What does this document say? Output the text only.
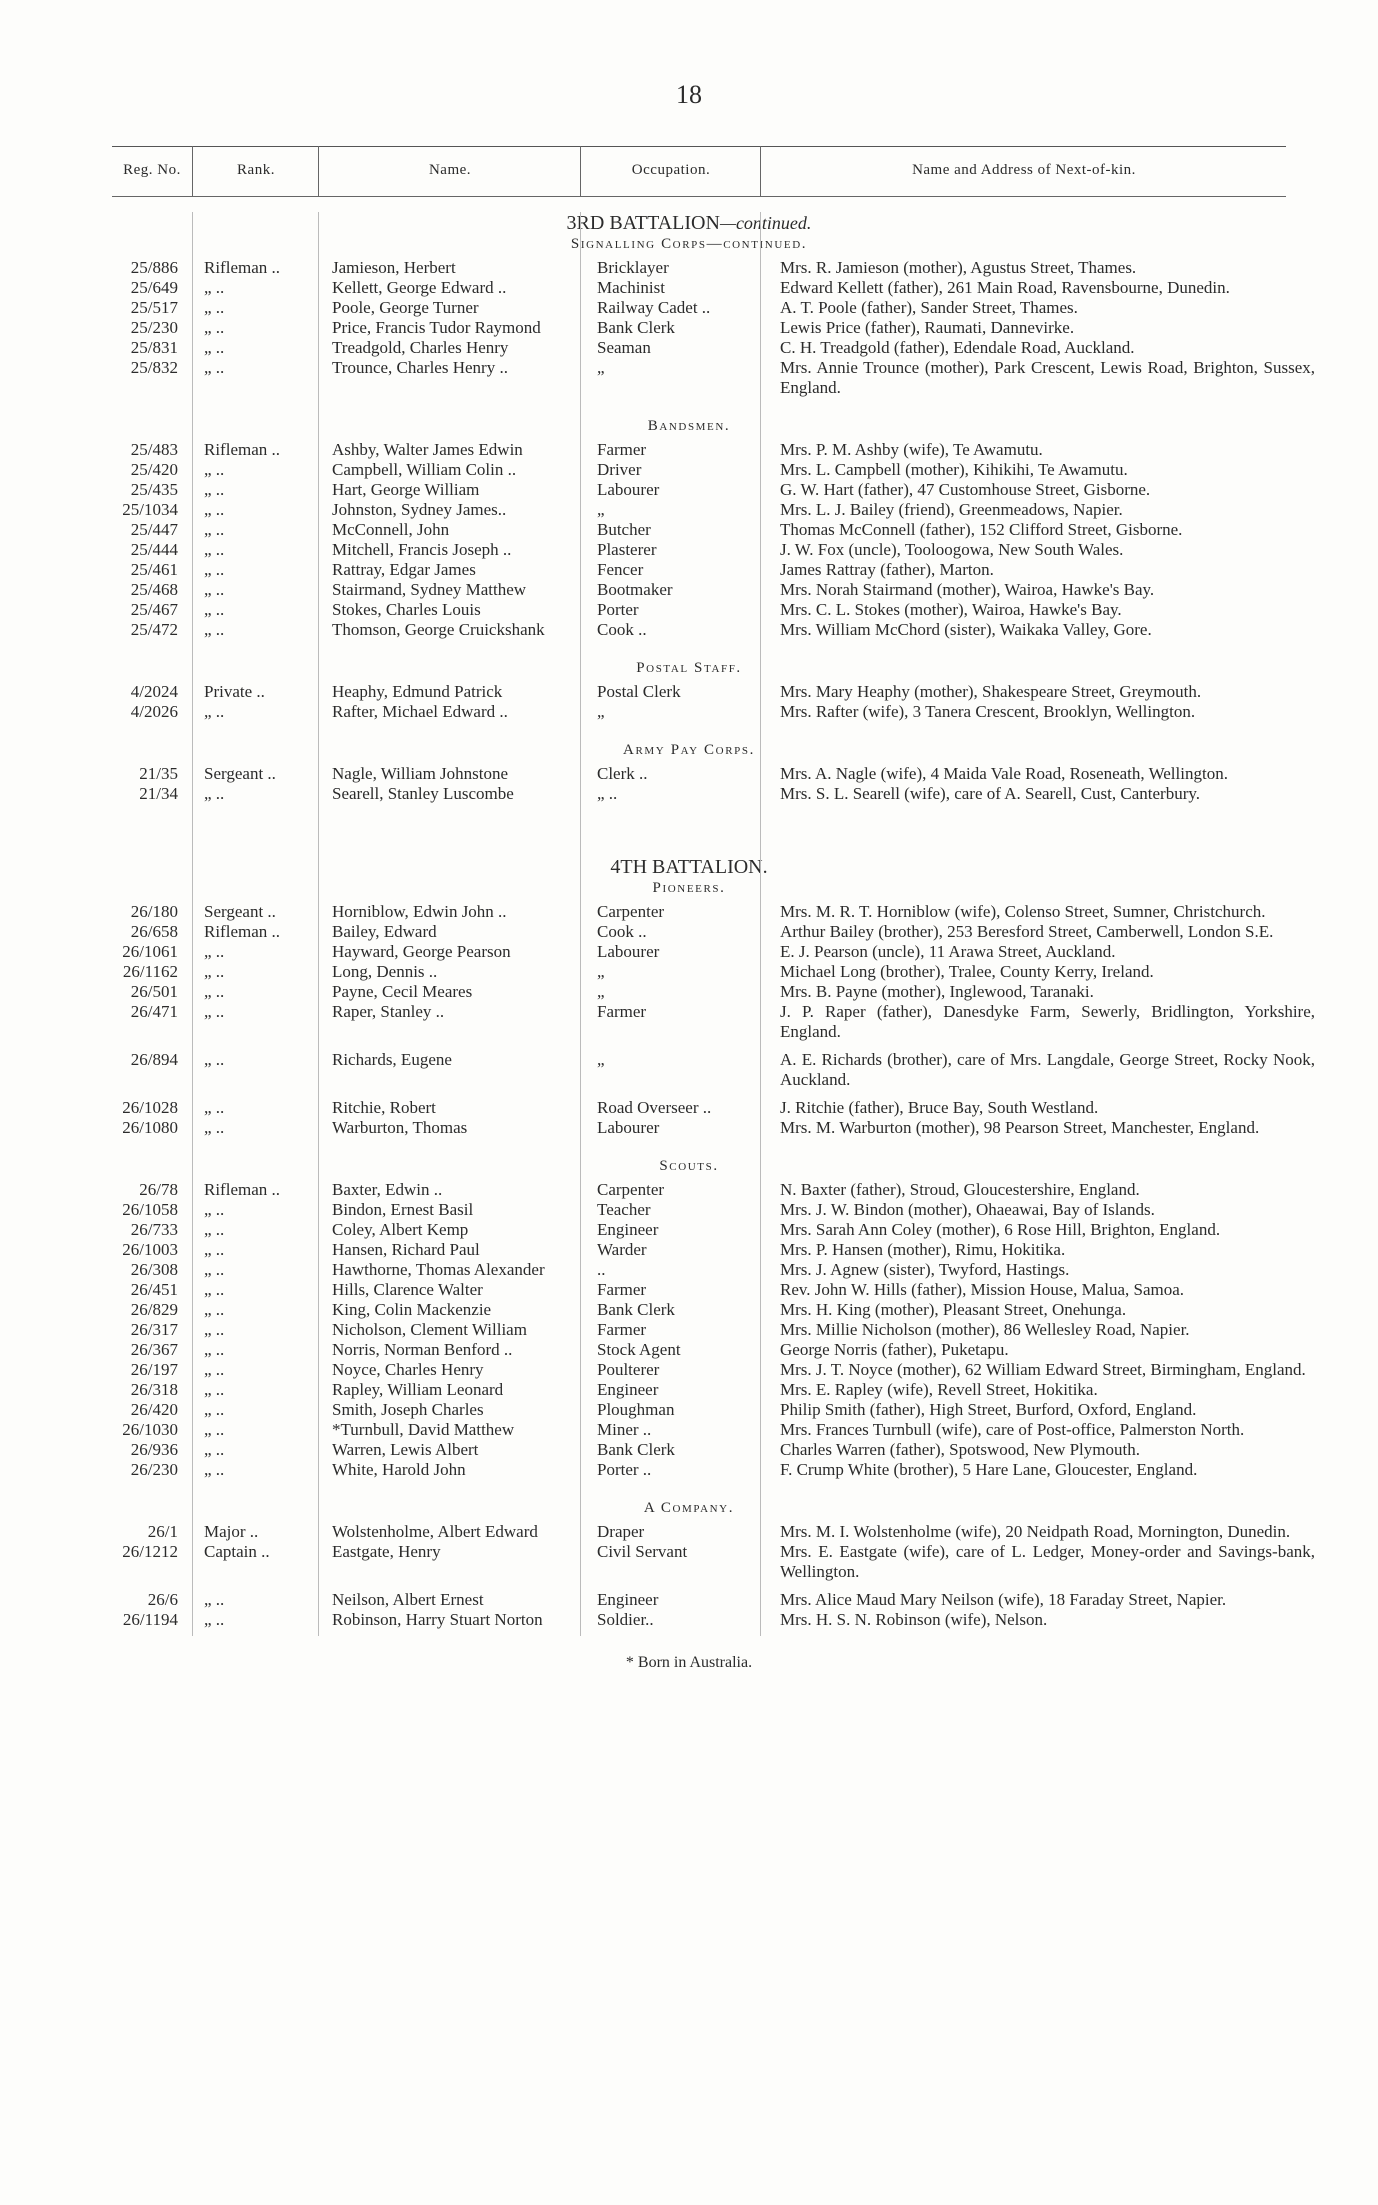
18
Reg. No.	Rank.	Name.	Occupation.	Name and Address of Next-of-kin.
3RD BATTALION—continued.
Signalling Corps—continued.
25/886 Rifleman ..	Jamieson, Herbert	Bricklayer	Mrs. R. Jamieson (mother), Agustus Street, Thames.
25/649 „ ..	Kellett, George Edward ..	Machinist	Edward Kellett (father), 261 Main Road, Ravensbourne, Dunedin.
25/517 „ ..	Poole, George Turner	Railway Cadet ..	A. T. Poole (father), Sander Street, Thames.
25/230 „ ..	Price, Francis Tudor Raymond	Bank Clerk	Lewis Price (father), Raumati, Dannevirke.
25/831 „ ..	Treadgold, Charles Henry	Seaman	C. H. Treadgold (father), Edendale Road, Auckland.
25/832 „ ..	Trounce, Charles Henry ..	„	Mrs. Annie Trounce (mother), Park Crescent, Lewis Road, Brighton, Sussex, England.
Bandsmen.
25/483 Rifleman ..	Ashby, Walter James Edwin	Farmer	Mrs. P. M. Ashby (wife), Te Awamutu.
25/420 „ ..	Campbell, William Colin ..	Driver	Mrs. L. Campbell (mother), Kihikihi, Te Awamutu.
25/435 „ ..	Hart, George William	Labourer	G. W. Hart (father), 47 Customhouse Street, Gisborne.
25/1034 „ ..	Johnston, Sydney James..	„	Mrs. L. J. Bailey (friend), Greenmeadows, Napier.
25/447 „ ..	McConnell, John	Butcher	Thomas McConnell (father), 152 Clifford Street, Gisborne.
25/444 „ ..	Mitchell, Francis Joseph ..	Plasterer	J. W. Fox (uncle), Tooloogowa, New South Wales.
25/461 „ ..	Rattray, Edgar James	Fencer	James Rattray (father), Marton.
25/468 „ ..	Stairmand, Sydney Matthew	Bootmaker	Mrs. Norah Stairmand (mother), Wairoa, Hawke's Bay.
25/467 „ ..	Stokes, Charles Louis	Porter	Mrs. C. L. Stokes (mother), Wairoa, Hawke's Bay.
25/472 „ ..	Thomson, George Cruickshank	Cook ..	Mrs. William McChord (sister), Waikaka Valley, Gore.
Postal Staff.
4/2024 Private ..	Heaphy, Edmund Patrick	Postal Clerk	Mrs. Mary Heaphy (mother), Shakespeare Street, Greymouth.
4/2026 „ ..	Rafter, Michael Edward ..	„	Mrs. Rafter (wife), 3 Tanera Crescent, Brooklyn, Wellington.
Army Pay Corps.
21/35 Sergeant ..	Nagle, William Johnstone	Clerk ..	Mrs. A. Nagle (wife), 4 Maida Vale Road, Roseneath, Wellington.
21/34 „ ..	Searell, Stanley Luscombe	„ ..	Mrs. S. L. Searell (wife), care of A. Searell, Cust, Canterbury.
4TH BATTALION.
Pioneers.
26/180 Sergeant ..	Horniblow, Edwin John ..	Carpenter	Mrs. M. R. T. Horniblow (wife), Colenso Street, Sumner, Christchurch.
26/658 Rifleman ..	Bailey, Edward	Cook ..	Arthur Bailey (brother), 253 Beresford Street, Camberwell, London S.E.
26/1061 „ ..	Hayward, George Pearson	Labourer	E. J. Pearson (uncle), 11 Arawa Street, Auckland.
26/1162 „ ..	Long, Dennis ..	„	Michael Long (brother), Tralee, County Kerry, Ireland.
26/501 „ ..	Payne, Cecil Meares	„	Mrs. B. Payne (mother), Inglewood, Taranaki.
26/471 „ ..	Raper, Stanley ..	Farmer	J. P. Raper (father), Danesdyke Farm, Sewerly, Bridlington, Yorkshire, England.
26/894 „ ..	Richards, Eugene	„	A. E. Richards (brother), care of Mrs. Langdale, George Street, Rocky Nook, Auckland.
26/1028 „ ..	Ritchie, Robert	Road Overseer ..	J. Ritchie (father), Bruce Bay, South Westland.
26/1080 „ ..	Warburton, Thomas	Labourer	Mrs. M. Warburton (mother), 98 Pearson Street, Manchester, England.
Scouts.
26/78 Rifleman ..	Baxter, Edwin ..	Carpenter	N. Baxter (father), Stroud, Gloucestershire, England.
26/1058 „ ..	Bindon, Ernest Basil	Teacher	Mrs. J. W. Bindon (mother), Ohaeawai, Bay of Islands.
26/733 „ ..	Coley, Albert Kemp	Engineer	Mrs. Sarah Ann Coley (mother), 6 Rose Hill, Brighton, England.
26/1003 „ ..	Hansen, Richard Paul	Warder	Mrs. P. Hansen (mother), Rimu, Hokitika.
26/308 „ ..	Hawthorne, Thomas Alexander	..	Mrs. J. Agnew (sister), Twyford, Hastings.
26/451 „ ..	Hills, Clarence Walter	Farmer	Rev. John W. Hills (father), Mission House, Malua, Samoa.
26/829 „ ..	King, Colin Mackenzie	Bank Clerk	Mrs. H. King (mother), Pleasant Street, Onehunga.
26/317 „ ..	Nicholson, Clement William	Farmer	Mrs. Millie Nicholson (mother), 86 Wellesley Road, Napier.
26/367 „ ..	Norris, Norman Benford ..	Stock Agent	George Norris (father), Puketapu.
26/197 „ ..	Noyce, Charles Henry	Poulterer	Mrs. J. T. Noyce (mother), 62 William Edward Street, Birmingham, England.
26/318 „ ..	Rapley, William Leonard	Engineer	Mrs. E. Rapley (wife), Revell Street, Hokitika.
26/420 „ ..	Smith, Joseph Charles	Ploughman	Philip Smith (father), High Street, Burford, Oxford, England.
26/1030 „ ..	*Turnbull, David Matthew	Miner ..	Mrs. Frances Turnbull (wife), care of Post-office, Palmerston North.
26/936 „ ..	Warren, Lewis Albert	Bank Clerk	Charles Warren (father), Spotswood, New Plymouth.
26/230 „ ..	White, Harold John	Porter ..	F. Crump White (brother), 5 Hare Lane, Gloucester, England.
A Company.
26/1 Major ..	Wolstenholme, Albert Edward	Draper	Mrs. M. I. Wolstenholme (wife), 20 Neidpath Road, Mornington, Dunedin.
26/1212 Captain ..	Eastgate, Henry	Civil Servant	Mrs. E. Eastgate (wife), care of L. Ledger, Money-order and Savings-bank, Wellington.
26/6 „ ..	Neilson, Albert Ernest	Engineer	Mrs. Alice Maud Mary Neilson (wife), 18 Faraday Street, Napier.
26/1194 „ ..	Robinson, Harry Stuart Norton	Soldier..	Mrs. H. S. N. Robinson (wife), Nelson.
* Born in Australia.
